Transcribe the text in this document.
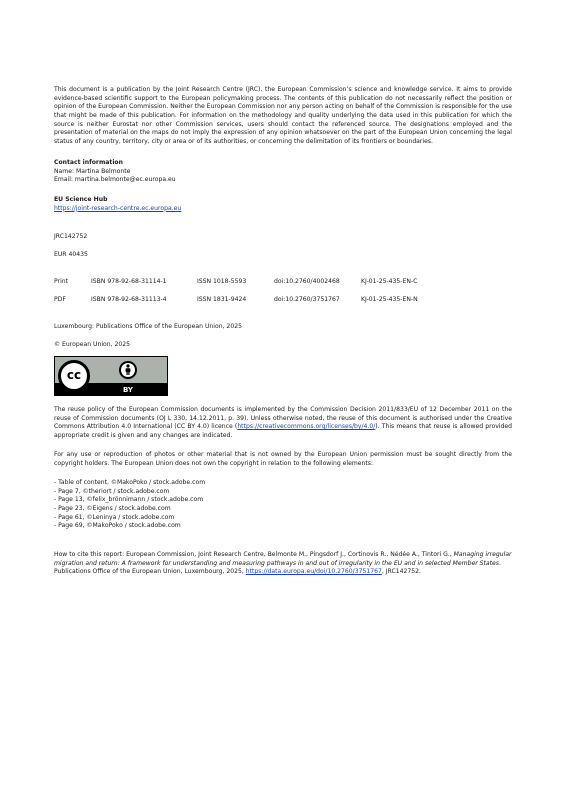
This document is a publication by the Joint Research Centre (JRC), the European Commission’s science and knowledge service. It aims to provide evidence-based scientific support to the European policymaking process. The contents of this publication do not necessarily reflect the position or opinion of the European Commission. Neither the European Commission nor any person acting on behalf of the Commission is responsible for the use that might be made of this publication. For information on the methodology and quality underlying the data used in this publication for which the source is neither Eurostat nor other Commission services, users should contact the referenced source. The designations employed and the presentation of material on the maps do not imply the expression of any opinion whatsoever on the part of the European Union concerning the legal status of any country, territory, city or area or of its authorities, or concerning the delimitation of its frontiers or boundaries.

Contact information

Name: Martina Belmonte

Email: martina.belmonte@ec.europa.eu

EU Science Hub

https://joint-research-centre.ec.europa.eu

JRC142752
EUR 40435
Print	ISBN 978-92-68-31114-1	ISSN 1018-5593	doi:10.2760/4002468	KJ-01-25-435-EN-C
PDF	ISBN 978-92-68-31113-4	ISSN 1831-9424	doi:10.2760/3751767	KJ-01-25-435-EN-N
Luxembourg: Publications Office of the European Union, 2025
© European Union, 2025
cc
BY

The reuse policy of the European Commission documents is implemented by the Commission Decision 2011/833/EU of 12 December 2011 on the reuse of Commission documents (OJ L 330, 14.12.2011, p. 39). Unless otherwise noted, the reuse of this document is authorised under the Creative Commons Attribution 4.0 International (CC BY 4.0) licence (https://creativecommons.org/licenses/by/4.0/). This means that reuse is allowed provided appropriate credit is given and any changes are indicated.

For any use or reproduction of photos or other material that is not owned by the European Union permission must be sought directly from the copyright holders. The European Union does not own the copyright in relation to the following elements:

- Table of content, ©MakoPoko / stock.adobe.com
- Page 7, ©theriort / stock.adobe.com
- Page 13, ©felix_brönnimann / stock.adobe.com
- Page 23, ©Eigens / stock.adobe.com
- Page 61, ©Leninya / stock.adobe.com
- Page 69, ©MakoPoko / stock.adobe.com

How to cite this report: European Commission, Joint Research Centre, Belmonte M., Pingsdorf J., Cortinovis R., Nédée A., Tintori G., Managing irregular migration and return: A framework for understanding and measuring pathways in and out of irregularity in the EU and in selected Member States. Publications Office of the European Union, Luxembourg, 2025, https://data.europa.eu/doi/10.2760/3751767, JRC142752.
